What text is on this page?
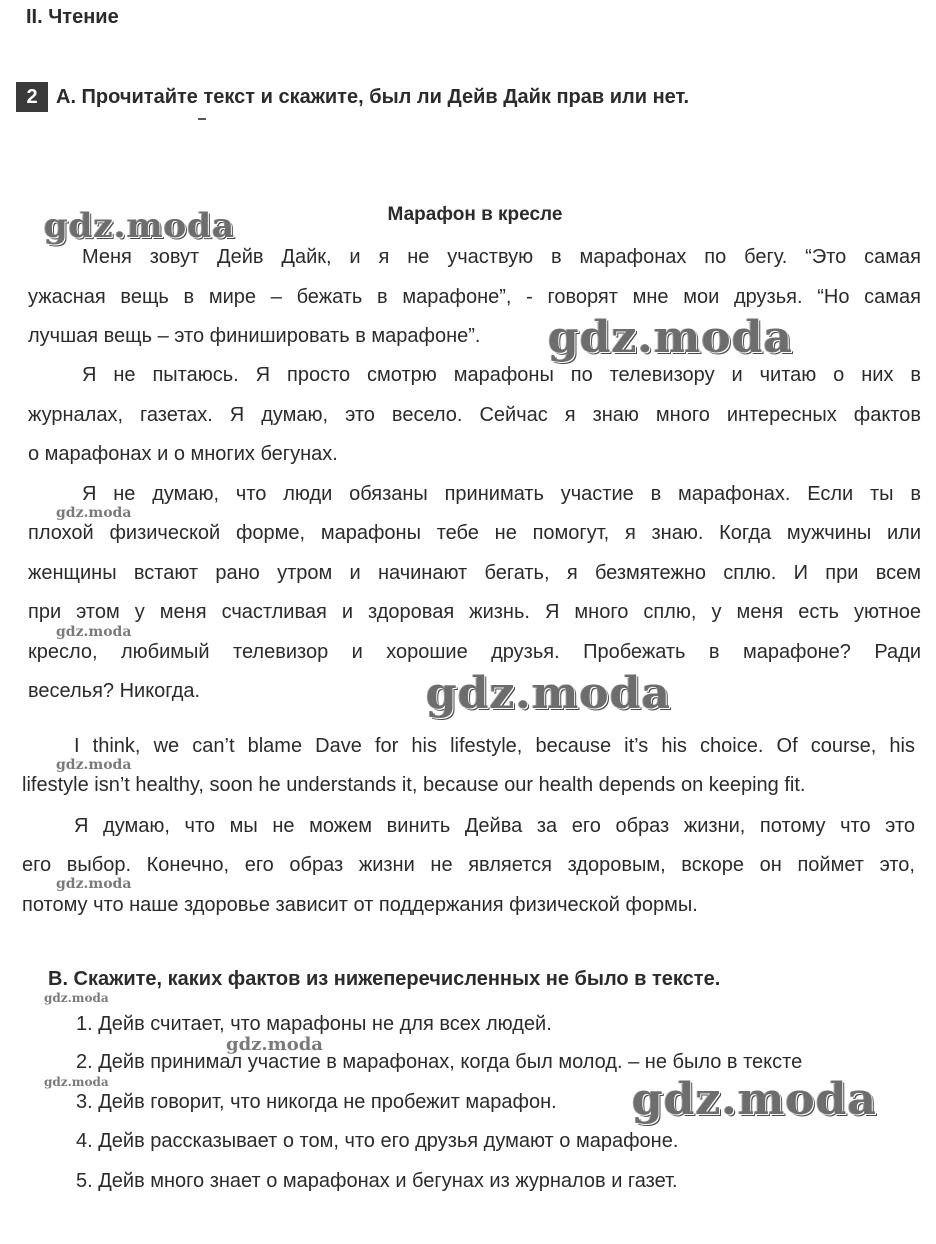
II. Чтение
2 А. Прочитайте текст и скажите, был ли Дейв Дайк прав или нет.
Марафон в кресле
Меня зовут Дейв Дайк, и я не участвую в марафонах по бегу. “Это самая
ужасная вещь в мире – бежать в марафоне”, - говорят мне мои друзья. “Но самая
лучшая вещь – это финишировать в марафоне”.
Я не пытаюсь. Я просто смотрю марафоны по телевизору и читаю о них в
журналах, газетах. Я думаю, это весело. Сейчас я знаю много интересных фактов
о марафонах и о многих бегунах.
Я не думаю, что люди обязаны принимать участие в марафонах. Если ты в
плохой физической форме, марафоны тебе не помогут, я знаю. Когда мужчины или
женщины встают рано утром и начинают бегать, я безмятежно сплю. И при всем
при этом у меня счастливая и здоровая жизнь. Я много сплю, у меня есть уютное
кресло, любимый телевизор и хорошие друзья. Пробежать в марафоне? Ради
веселья? Никогда.
I think, we can’t blame Dave for his lifestyle, because it’s his choice. Of course, his
lifestyle isn’t healthy, soon he understands it, because our health depends on keeping fit.
Я думаю, что мы не можем винить Дейва за его образ жизни, потому что это
его выбор. Конечно, его образ жизни не является здоровым, вскоре он поймет это,
потому что наше здоровье зависит от поддержания физической формы.
В. Скажите, каких фактов из нижеперечисленных не было в тексте.
1. Дейв считает, что марафоны не для всех людей.
2. Дейв принимал участие в марафонах, когда был молод. – не было в тексте
3. Дейв говорит, что никогда не пробежит марафон.
4. Дейв рассказывает о том, что его друзья думают о марафоне.
5. Дейв много знает о марафонах и бегунах из журналов и газет.
gdz.moda
gdz.moda
gdz.moda
gdz.moda
gdz.moda
gdz.moda
gdz.moda
gdz.moda
gdz.moda
gdz.moda
gdz.moda
